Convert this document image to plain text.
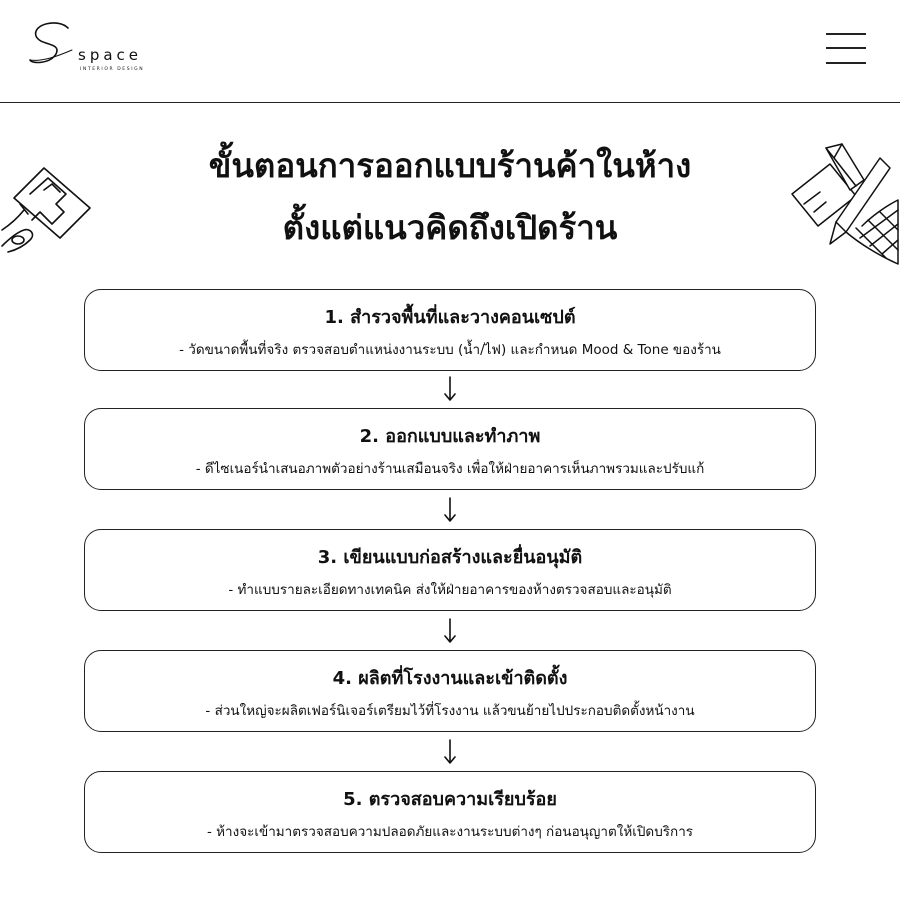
space
INTERIOR DESIGN
ขั้นตอนการออกแบบร้านค้าในห้าง
ตั้งแต่แนวคิดถึงเปิดร้าน
1. สำรวจพื้นที่และวางคอนเซปต์
- วัดขนาดพื้นที่จริง ตรวจสอบตำแหน่งงานระบบ (น้ำ/ไฟ) และกำหนด Mood & Tone ของร้าน
2. ออกแบบและทำภาพ
- ดีไซเนอร์นำเสนอภาพตัวอย่างร้านเสมือนจริง เพื่อให้ฝ่ายอาคารเห็นภาพรวมและปรับแก้
3. เขียนแบบก่อสร้างและยื่นอนุมัติ
- ทำแบบรายละเอียดทางเทคนิค ส่งให้ฝ่ายอาคารของห้างตรวจสอบและอนุมัติ
4. ผลิตที่โรงงานและเข้าติดตั้ง
- ส่วนใหญ่จะผลิตเฟอร์นิเจอร์เตรียมไว้ที่โรงงาน แล้วขนย้ายไปประกอบติดตั้งหน้างาน
5. ตรวจสอบความเรียบร้อย
- ห้างจะเข้ามาตรวจสอบความปลอดภัยและงานระบบต่างๆ ก่อนอนุญาตให้เปิดบริการ
